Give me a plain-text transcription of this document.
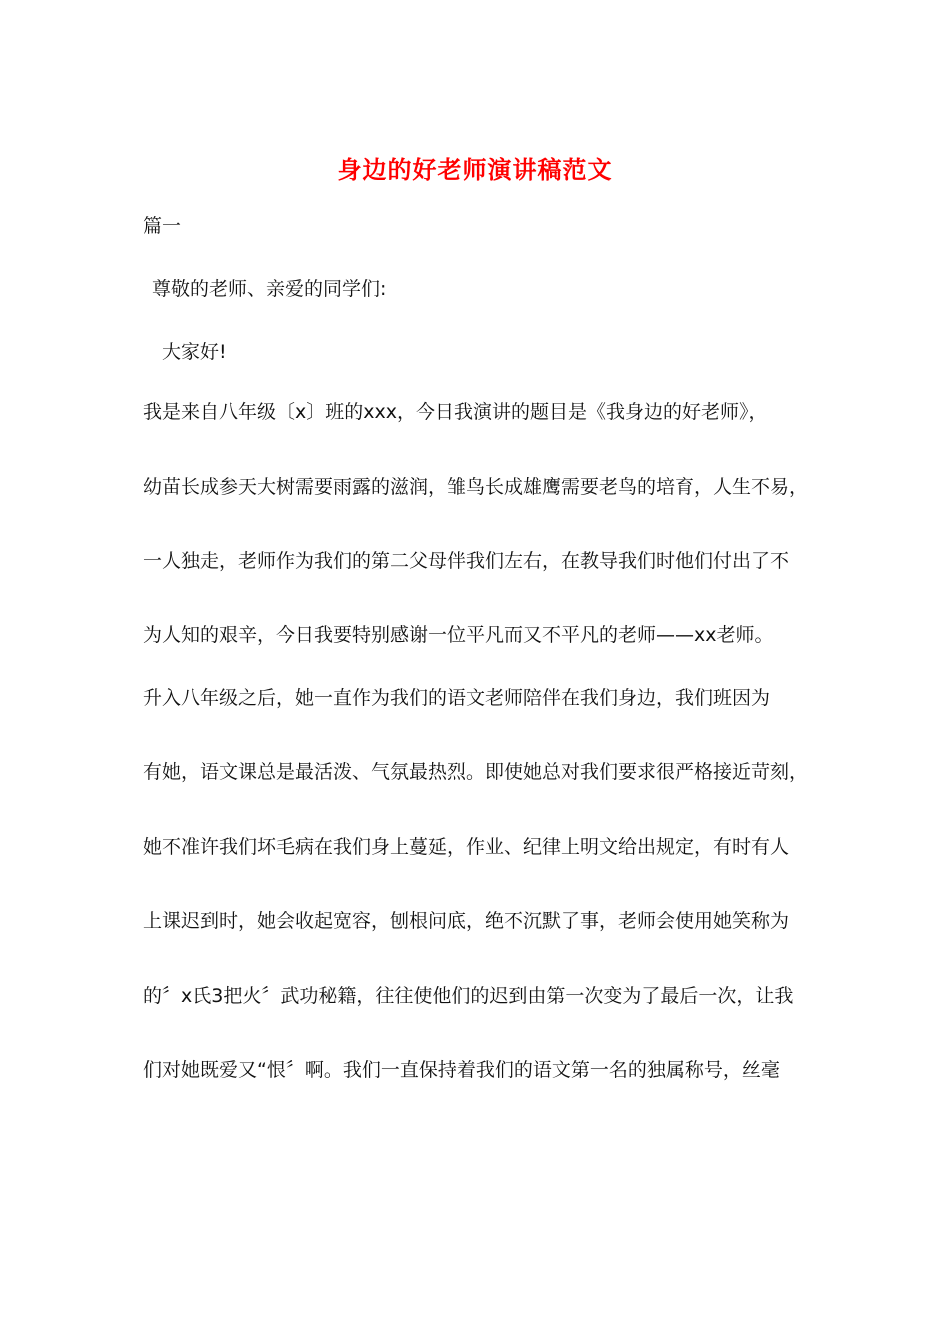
身边的好老师演讲稿范文
篇一
尊敬的老师、亲爱的同学们:
大家好!
我是来自八年级〔x〕班的xxx，今日我演讲的题目是《我身边的好老师》，
幼苗长成参天大树需要雨露的滋润，雏鸟长成雄鹰需要老鸟的培育，人生不易，
一人独走，老师作为我们的第二父母伴我们左右，在教导我们时他们付出了不
为人知的艰辛，今日我要特别感谢一位平凡而又不平凡的老师——xx老师。
升入八年级之后，她一直作为我们的语文老师陪伴在我们身边，我们班因为
有她，语文课总是最活泼、气氛最热烈。即使她总对我们要求很严格接近苛刻，
她不准许我们坏毛病在我们身上蔓延，作业、纪律上明文给出规定，有时有人
上课迟到时，她会收起宽容，刨根问底，绝不沉默了事，老师会使用她笑称为
的〞x氏3把火〞武功秘籍，往往使他们的迟到由第一次变为了最后一次，让我
们对她既爱又“恨〞啊。我们一直保持着我们的语文第一名的独属称号，丝毫
